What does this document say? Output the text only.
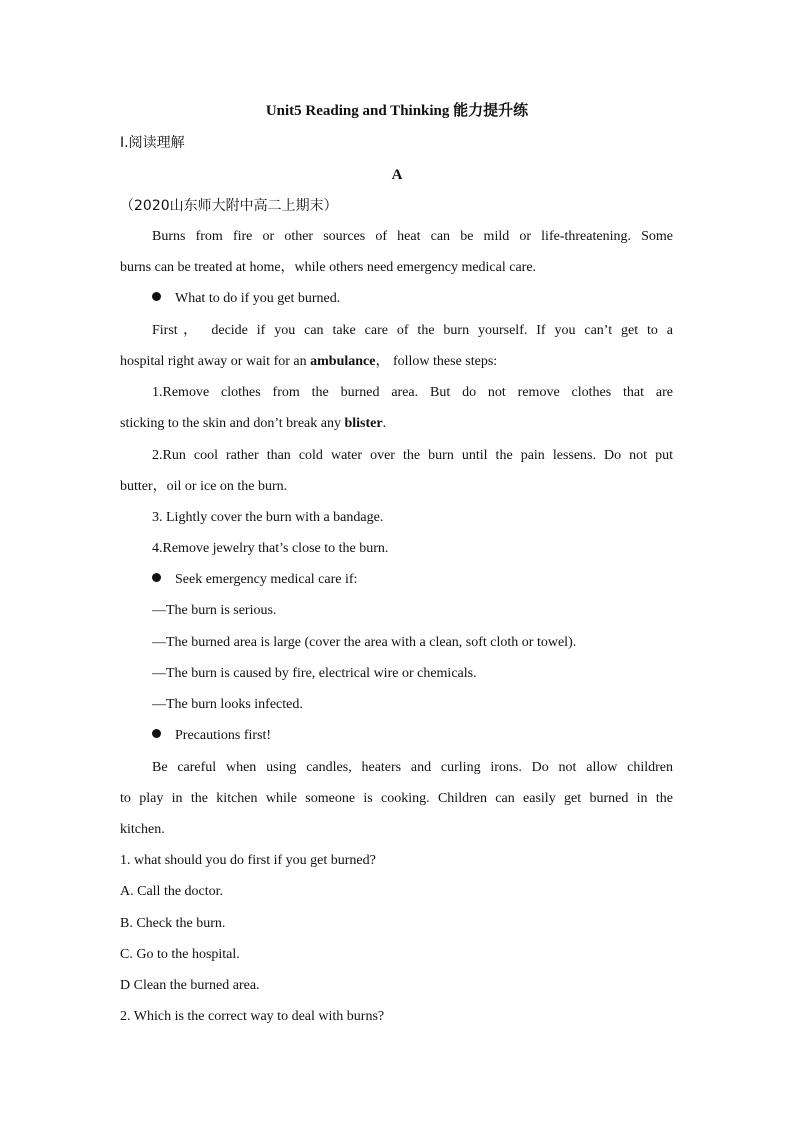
Unit5 Reading and Thinking 能力提升练
I.阅读理解
A
（2020山东师大附中高二上期末）
Burns from fire or other sources of heat can be mild or life-threatening. Some
burns can be treated at home，while others need emergency medical care.
What to do if you get burned.
First， decide if you can take care of the burn yourself. If you can’t get to a
hospital right away or wait for an ambulance， follow these steps:
1.Remove clothes from the burned area. But do not remove clothes that are
sticking to the skin and don’t break any blister.
2.Run cool rather than cold water over the burn until the pain lessens. Do not put
butter，oil or ice on the burn.
3. Lightly cover the burn with a bandage.
4.Remove jewelry that’s close to the burn.
Seek emergency medical care if:
—The burn is serious.
—The burned area is large (cover the area with a clean, soft cloth or towel).
—The burn is caused by fire, electrical wire or chemicals.
—The burn looks infected.
Precautions first!
Be careful when using candles, heaters and curling irons. Do not allow children
to play in the kitchen while someone is cooking. Children can easily get burned in the
kitchen.
1. what should you do first if you get burned?
A. Call the doctor.
B. Check the burn.
C. Go to the hospital.
D Clean the burned area.
2. Which is the correct way to deal with burns?
